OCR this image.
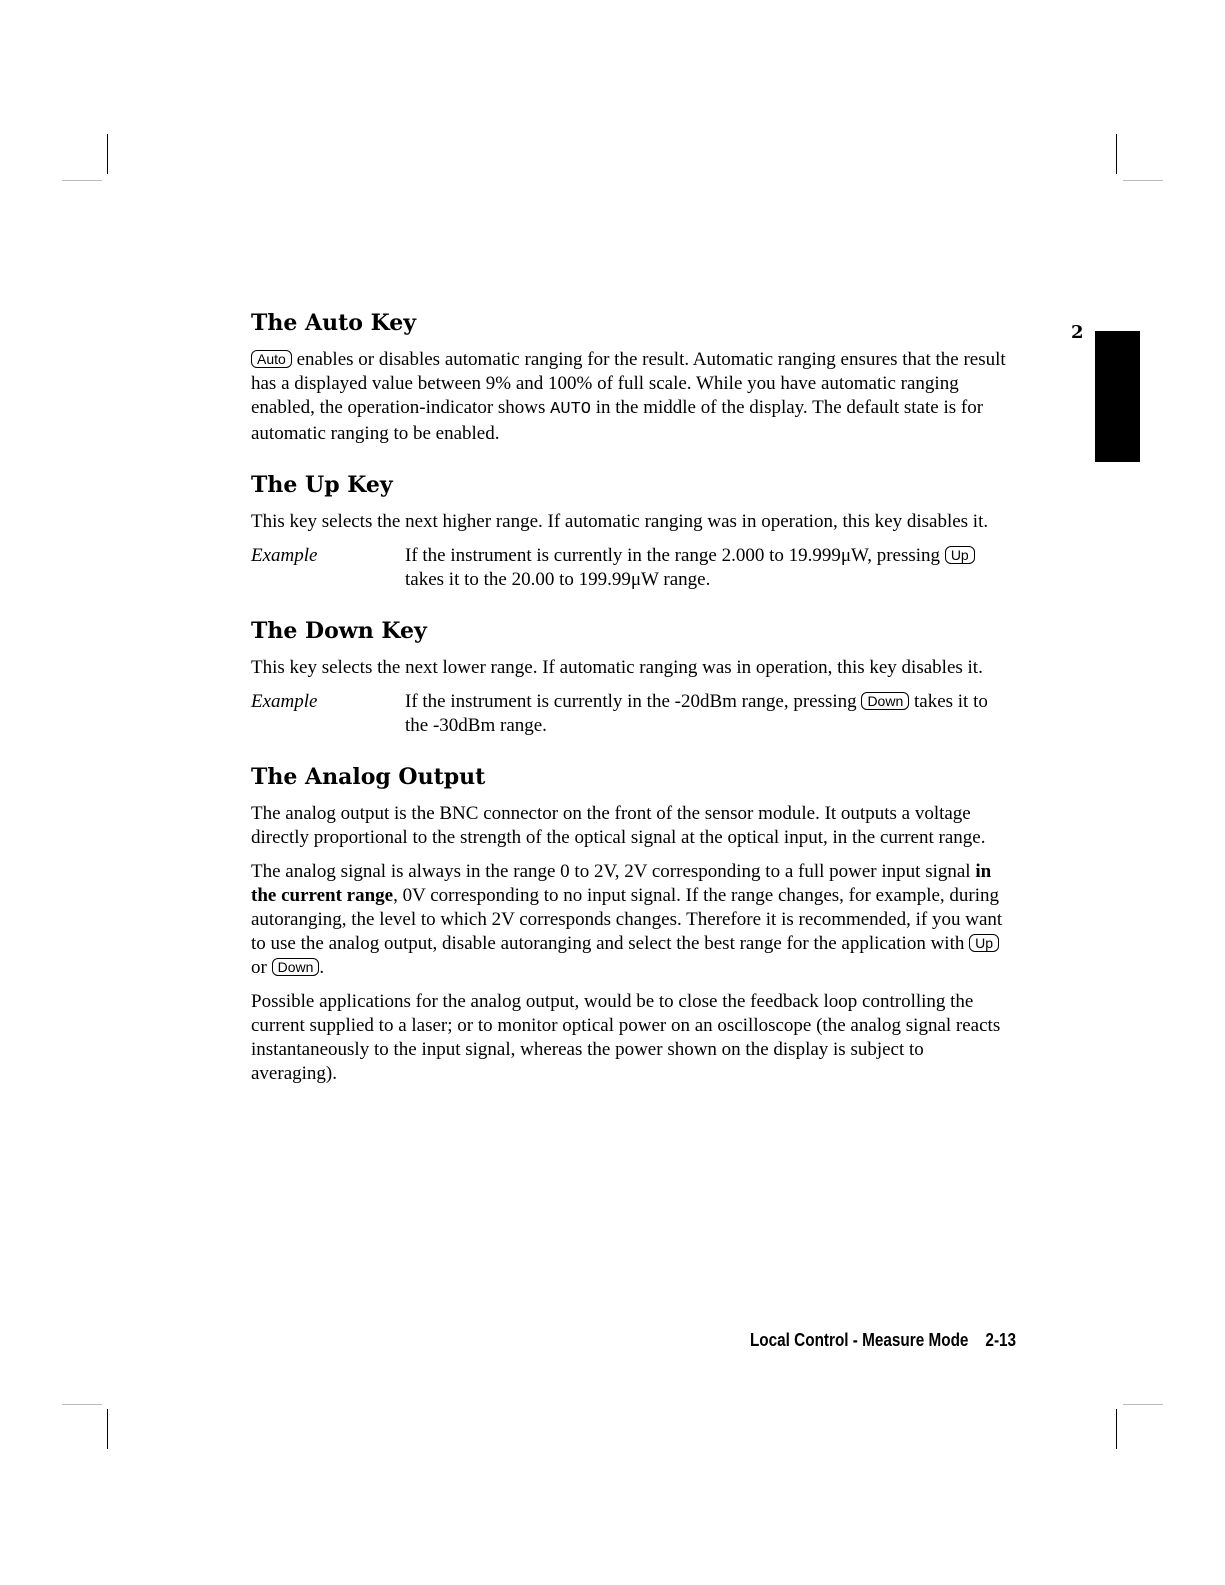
2
The Auto Key

Auto enables or disables automatic ranging for the result. Automatic ranging ensures that the result has a displayed value between 9% and 100% of full scale. While you have automatic ranging enabled, the operation-indicator shows AUTO in the middle of the display. The default state is for automatic ranging to be enabled.

The Up Key

This key selects the next higher range. If automatic ranging was in operation, this key disables it.

Example	If the instrument is currently in the range 2.000 to 19.999μW, pressing Up takes it to the 20.00 to 199.99μW range.
The Down Key

This key selects the next lower range. If automatic ranging was in operation, this key disables it.

Example	If the instrument is currently in the -20dBm range, pressing Down takes it to the -30dBm range.
The Analog Output

The analog output is the BNC connector on the front of the sensor module. It outputs a voltage directly proportional to the strength of the optical signal at the optical input, in the current range.

The analog signal is always in the range 0 to 2V, 2V corresponding to a full power input signal in the current range, 0V corresponding to no input signal. If the range changes, for example, during autoranging, the level to which 2V corresponds changes. Therefore it is recommended, if you want to use the analog output, disable autoranging and select the best range for the application with Up or Down .

Possible applications for the analog output, would be to close the feedback loop controlling the current supplied to a laser; or to monitor optical power on an oscilloscope (the analog signal reacts instantaneously to the input signal, whereas the power shown on the display is subject to averaging).

Local Control - Measure Mode 2-13
